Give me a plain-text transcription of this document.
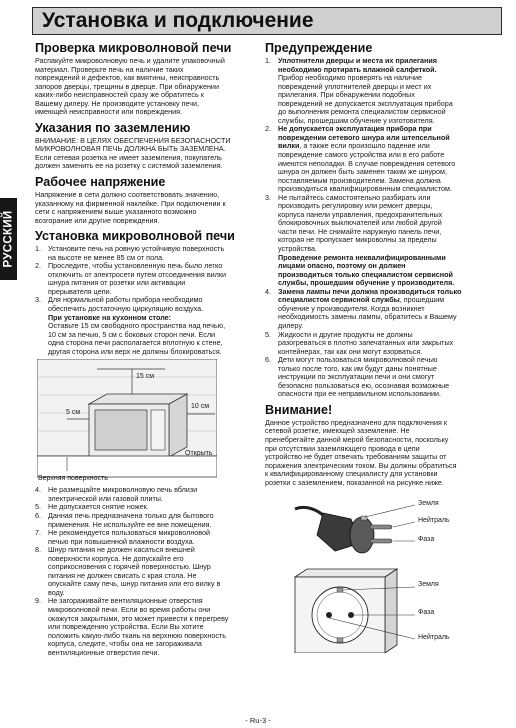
Установка и подключение
РУССКИЙ
Проверка микроволновой печи

Распакуйте микроволновую печь и удалите упаковочный
материал. Проверьте печь на наличие таких
повреждений и дефектов, как вмятины, неисправность
запоров дверцы, трещины в дверце. При обнаружении
каких-либо неисправностей сразу же обратитесь к
Вашему дилеру. Не производите установку печи,
имеющей неисправности или повреждения.

Указания по заземлению

ВНИМАНИЕ: В ЦЕЛЯХ ОБЕСПЕЧЕНИЯ БЕЗОПАСНОСТИ
МИКРОВОЛНОВАЯ ПЕЧЬ ДОЛЖНА БЫТЬ ЗАЗЕМЛЕНА.
Если сетевая розетка не имеет заземления, покупатель
должен заменить ее на розетку с системой заземления.

Рабочее напряжение

Напряжение в сети должно соответствовать значению,
указанному на фирменной наклейке. При подключении к
сети с напряжением выше указанного возможно
возгорание или другие повреждения.

Установка микроволновой печи
1. Установите печь на ровную устойчивую поверхность
на высоте не менее 85 см от пола.
2. Проследите, чтобы установленную печь было легко
отключить от электросети путем отсоединения вилки
шнура питания от розетки или активации
прерывателя цепи.
3. Для нормальной работы прибора необходимо
обеспечить достаточную циркуляцию воздуха.
При установке на кухонном столе:
Оставьте 15 см свободного пространства над печью,
10 см за печью, 5 см с боковых сторон печи. Если
одна сторона печи располагается вплотную к стене,
другая сторона или верх не должны блокироваться.
15 см
5 см
10 см
Открыть
Верхняя поверхность
4. Не размещайте микроволновую печь вблизи
электрической или газовой плиты.
5. Не допускается снятие ножек.
6. Данная печь предназначена только для бытового
применения. Не используйте ее вне помещения.
7. Не рекомендуется пользоваться микроволновой
печью при повышенной влажности воздуха.
8. Шнур питания не должен касаться внешней
поверхности корпуса. Не допускайте его
соприкосновения с горячей поверхностью. Шнур
питания не должен свисать с края стола. Не
опускайте саму печь, шнур питания или его вилку в
воду.
9. Не загораживайте вентиляционные отверстия
микроволновой печи. Если во время работы они
окажутся закрытыми, это может привести к перегреву
или повреждению устройства. Если Вы хотите
положить какую-либо ткань на верхнюю поверхность
корпуса, следите, чтобы она не загораживала
вентиляционные отверстия печи.
Предупреждение
1. Уплотнители дверцы и места их прилегания
необходимо протирать влажной салфеткой.
Прибор необходимо проверять на наличие
повреждений уплотнителей дверцы и мест их
прилегания. При обнаружении подобных
повреждений не допускается эксплуатация прибора
до выполнения ремонта специалистом сервисной
службы, прошедшим обучение у изготовителя.
2. Не допускается эксплуатация прибора при
повреждении сетевого шнура или штепсельной
вилки, а также если произошло падение или
повреждение самого устройства или в его работе
имеются неполадки. В случае повреждения сетевого
шнура он должен быть заменен таким же шнуром,
поставляемым производителем. Замена должна
производиться квалифицированным специалистом.
3. Не пытайтесь самостоятельно разбирать или
производить регулировку или ремонт дверцы,
корпуса панели управления, предохранительных
блокировочных выключателей или любой другой
части печи. Не снимайте наружную панель печи,
которая не пропускает микроволны за пределы
устройства.
Проведение ремонта неквалифицированными
лицами опасно, поэтому он должен
производиться только специалистом сервисной
службы, прошедшим обучение у производителя.
4. Замена лампы печи должна производиться только
специалистом сервисной службы, прошедшим
обучение у производителя. Когда возникнет
необходимость замены лампы, обратитесь к Вашему
дилеру.
5. Жидкости и другие продукты не должны
разогреваться в плотно запечатанных или закрытых
контейнерах, так как они могут взорваться.
6. Дети могут пользоваться микроволновой печью
только после того, как им будут даны понятные
инструкции по эксплуатации печи и они смогут
безопасно пользоваться ею, осознавая возможные
опасности при ее неправильном использовании.
Внимание!

Данное устройство предназначено для подключения к
сетевой розетке, имеющей заземление. Не
пренебрегайте данной мерой безопасности, поскольку
при отсутствии заземляющего провода в цепи
устройство не будет отвечать требованиям защиты от
поражения электрическим током. Вы должны обратиться
к квалифицированному специалисту для установки
розетки с заземлением, показанной на рисунке ниже.

Земля
Нейтраль
Фаза
Земля
Фаза
Нейтраль
- Ru-3 -
